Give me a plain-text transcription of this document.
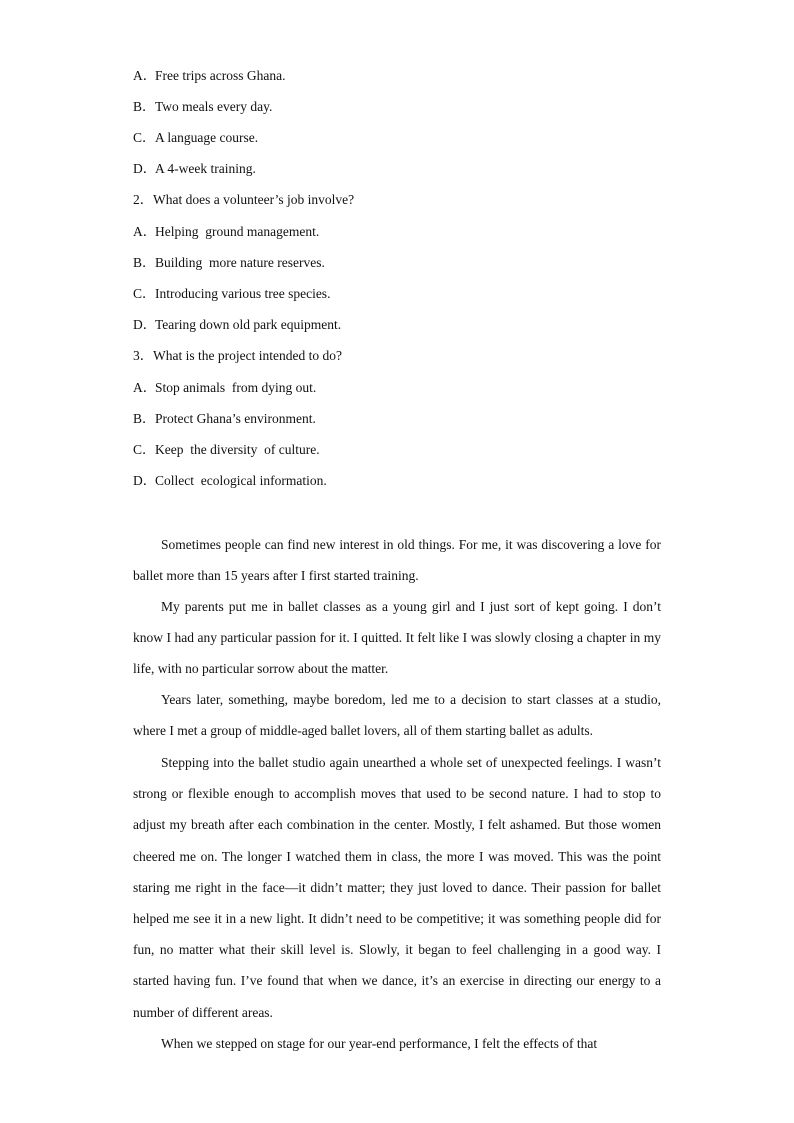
A．Free trips across Ghana.
B．Two meals every day.
C．A language course.
D．A 4-week training.
2．What does a volunteer’s job involve?
A．Helping  ground management.
B．Building  more nature reserves.
C．Introducing various tree species.
D．Tearing down old park equipment.
3．What is the project intended to do?
A．Stop animals  from dying out.
B．Protect Ghana’s environment.
C．Keep  the diversity  of culture.
D．Collect  ecological information.

Sometimes people can find new interest in old things. For me, it was discovering a love for ballet more than 15 years after I first started training.

My parents put me in ballet classes as a young girl and I just sort of kept going. I don’t know I had any particular passion for it. I quitted. It felt like I was slowly closing a chapter in my life, with no particular sorrow about the matter.

Years later, something, maybe boredom, led me to a decision to start classes at a studio, where I met a group of middle-aged ballet lovers, all of them starting ballet as adults.

Stepping into the ballet studio again unearthed a whole set of unexpected feelings. I wasn’t strong or flexible enough to accomplish moves that used to be second nature. I had to stop to adjust my breath after each combination in the center. Mostly, I felt ashamed. But those women cheered me on. The longer I watched them in class, the more I was moved. This was the point staring me right in the face—it didn’t matter; they just loved to dance. Their passion for ballet helped me see it in a new light. It didn’t need to be competitive; it was something people did for fun, no matter what their skill level is. Slowly, it began to feel challenging in a good way. I started having fun. I’ve found that when we dance, it’s an exercise in directing our energy to a number of different areas.

When we stepped on stage for our year-end performance, I felt the effects of that
